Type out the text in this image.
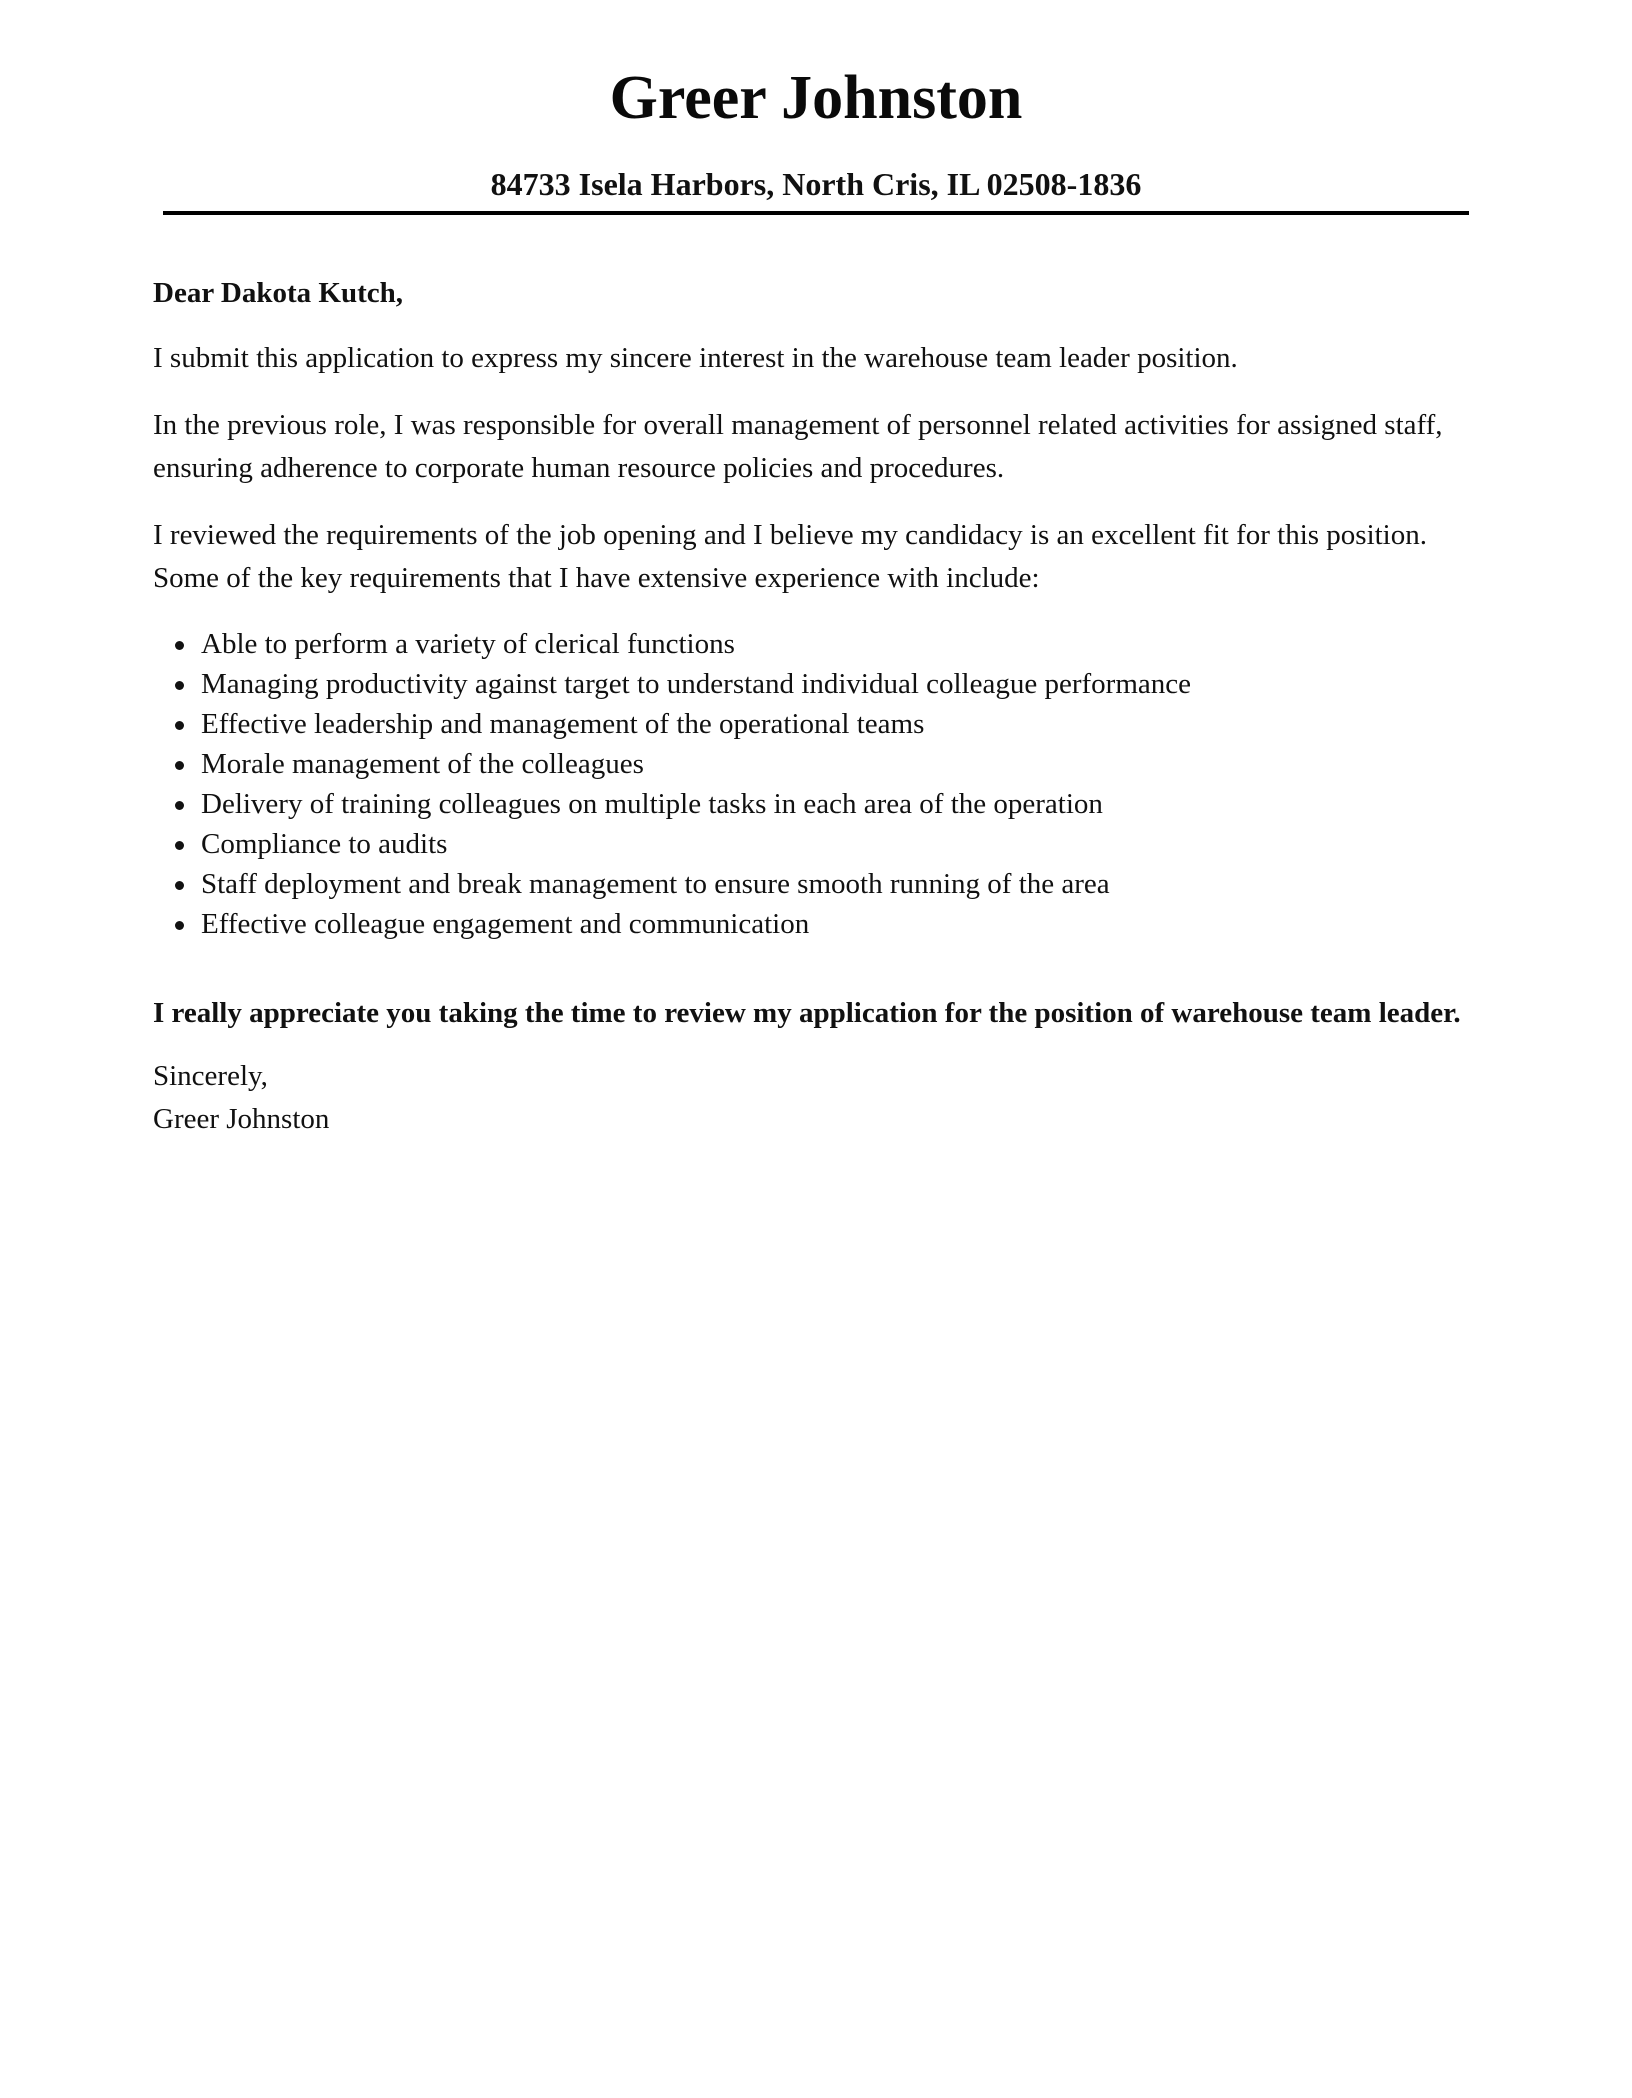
Greer Johnston
84733 Isela Harbors, North Cris, IL 02508-1836

Dear Dakota Kutch,

I submit this application to express my sincere interest in the warehouse team leader position.

In the previous role, I was responsible for overall management of personnel related activities for assigned staff, ensuring adherence to corporate human resource policies and procedures.

I reviewed the requirements of the job opening and I believe my candidacy is an excellent fit for this position. Some of the key requirements that I have extensive experience with include:

Able to perform a variety of clerical functions
Managing productivity against target to understand individual colleague performance
Effective leadership and management of the operational teams
Morale management of the colleagues
Delivery of training colleagues on multiple tasks in each area of the operation
Compliance to audits
Staff deployment and break management to ensure smooth running of the area
Effective colleague engagement and communication

I really appreciate you taking the time to review my application for the position of warehouse team leader.

Sincerely,
Greer Johnston
